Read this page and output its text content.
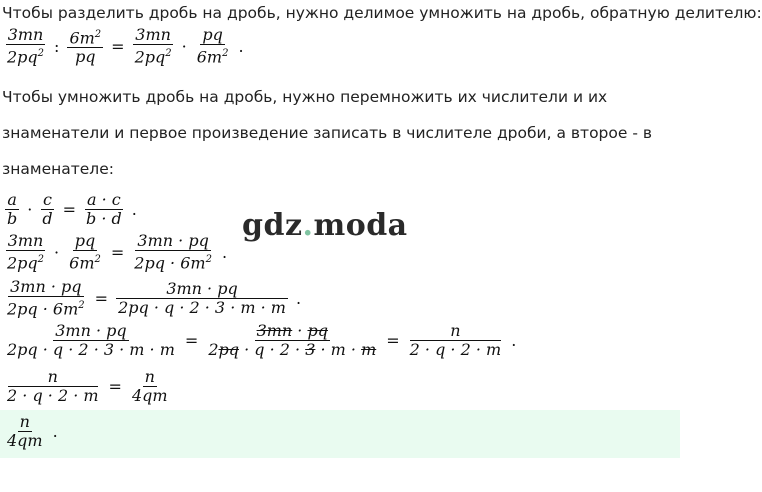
Чтобы разделить дробь на дробь, нужно делимое умножить на дробь, обратную делителю:
$\frac{3mn}{2pq^2}$ : $\frac{6m^2}{pq} = \frac{3mn}{2pq^2} \cdot \frac{pq}{6m^2}$ .
Чтобы умножить дробь на дробь, нужно перемножить их числители и их
знаменатели и первое произведение записать в числителе дроби, а второе - в
знаменателе:
$\frac{a}{b} \cdot \frac{c}{d} = \frac{a \cdot c}{b \cdot d}$ .	gdz.moda
$\frac{3mn}{2pq^2} \cdot \frac{pq}{6m^2} = \frac{3mn \cdot pq}{2pq \cdot 6m^2}$ .
$\frac{3mn \cdot pq}{2pq \cdot 6m^2} = \frac{3mn \cdot pq}{2pq \cdot q \cdot 2 \cdot 3 \cdot m \cdot m}$ .
$\frac{3mn \cdot pq}{2pq \cdot q \cdot 2 \cdot 3 \cdot m \cdot m} = \frac{3mn \cdot pq}{2pq \cdot q \cdot 2 \cdot 3 \cdot m \cdot m} = \frac{n}{2 \cdot q \cdot 2 \cdot m}$ .
$\frac{n}{2 \cdot q \cdot 2 \cdot m} = \frac{n}{4qm}$
$\frac{n}{4qm}$ .
